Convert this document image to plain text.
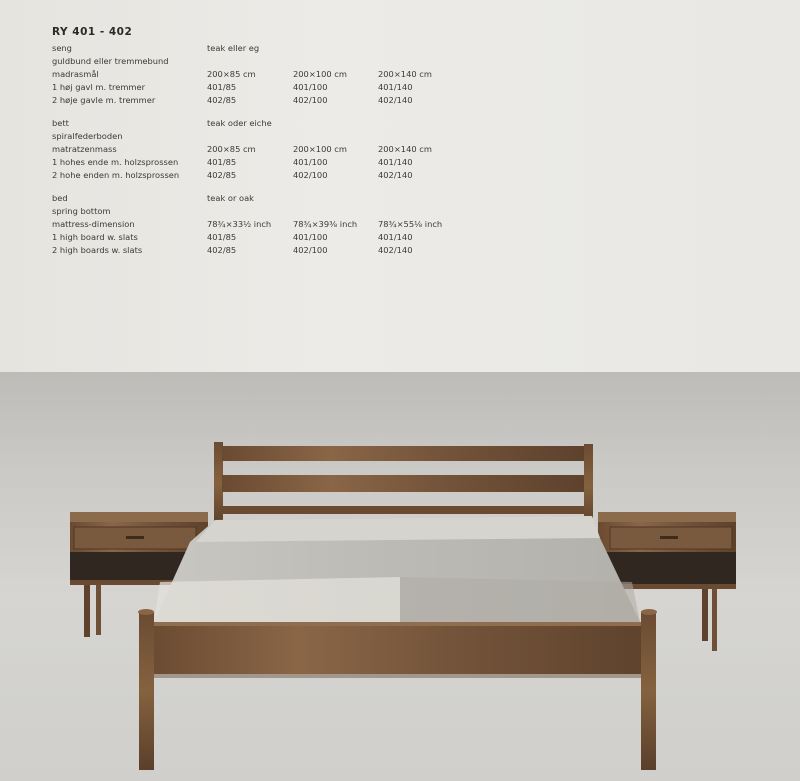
RY 401 - 402
seng	teak eller eg
guldbund eller tremmebund
madrasmål	200×85 cm	200×100 cm	200×140 cm
1 høj gavl m. tremmer	401/85	401/100	401/140
2 høje gavle m. tremmer	402/85	402/100	402/140
bett	teak oder eiche
spiralfederboden
matratzenmass	200×85 cm	200×100 cm	200×140 cm
1 hohes ende m. holzsprossen	401/85	401/100	401/140
2 hohe enden m. holzsprossen	402/85	402/100	402/140
bed	teak or oak
spring bottom
mattress-dimension	78¾×33½ inch	78¾×39⅜ inch	78¾×55⅛ inch
1 high board w. slats	401/85	401/100	401/140
2 high boards w. slats	402/85	402/100	402/140
